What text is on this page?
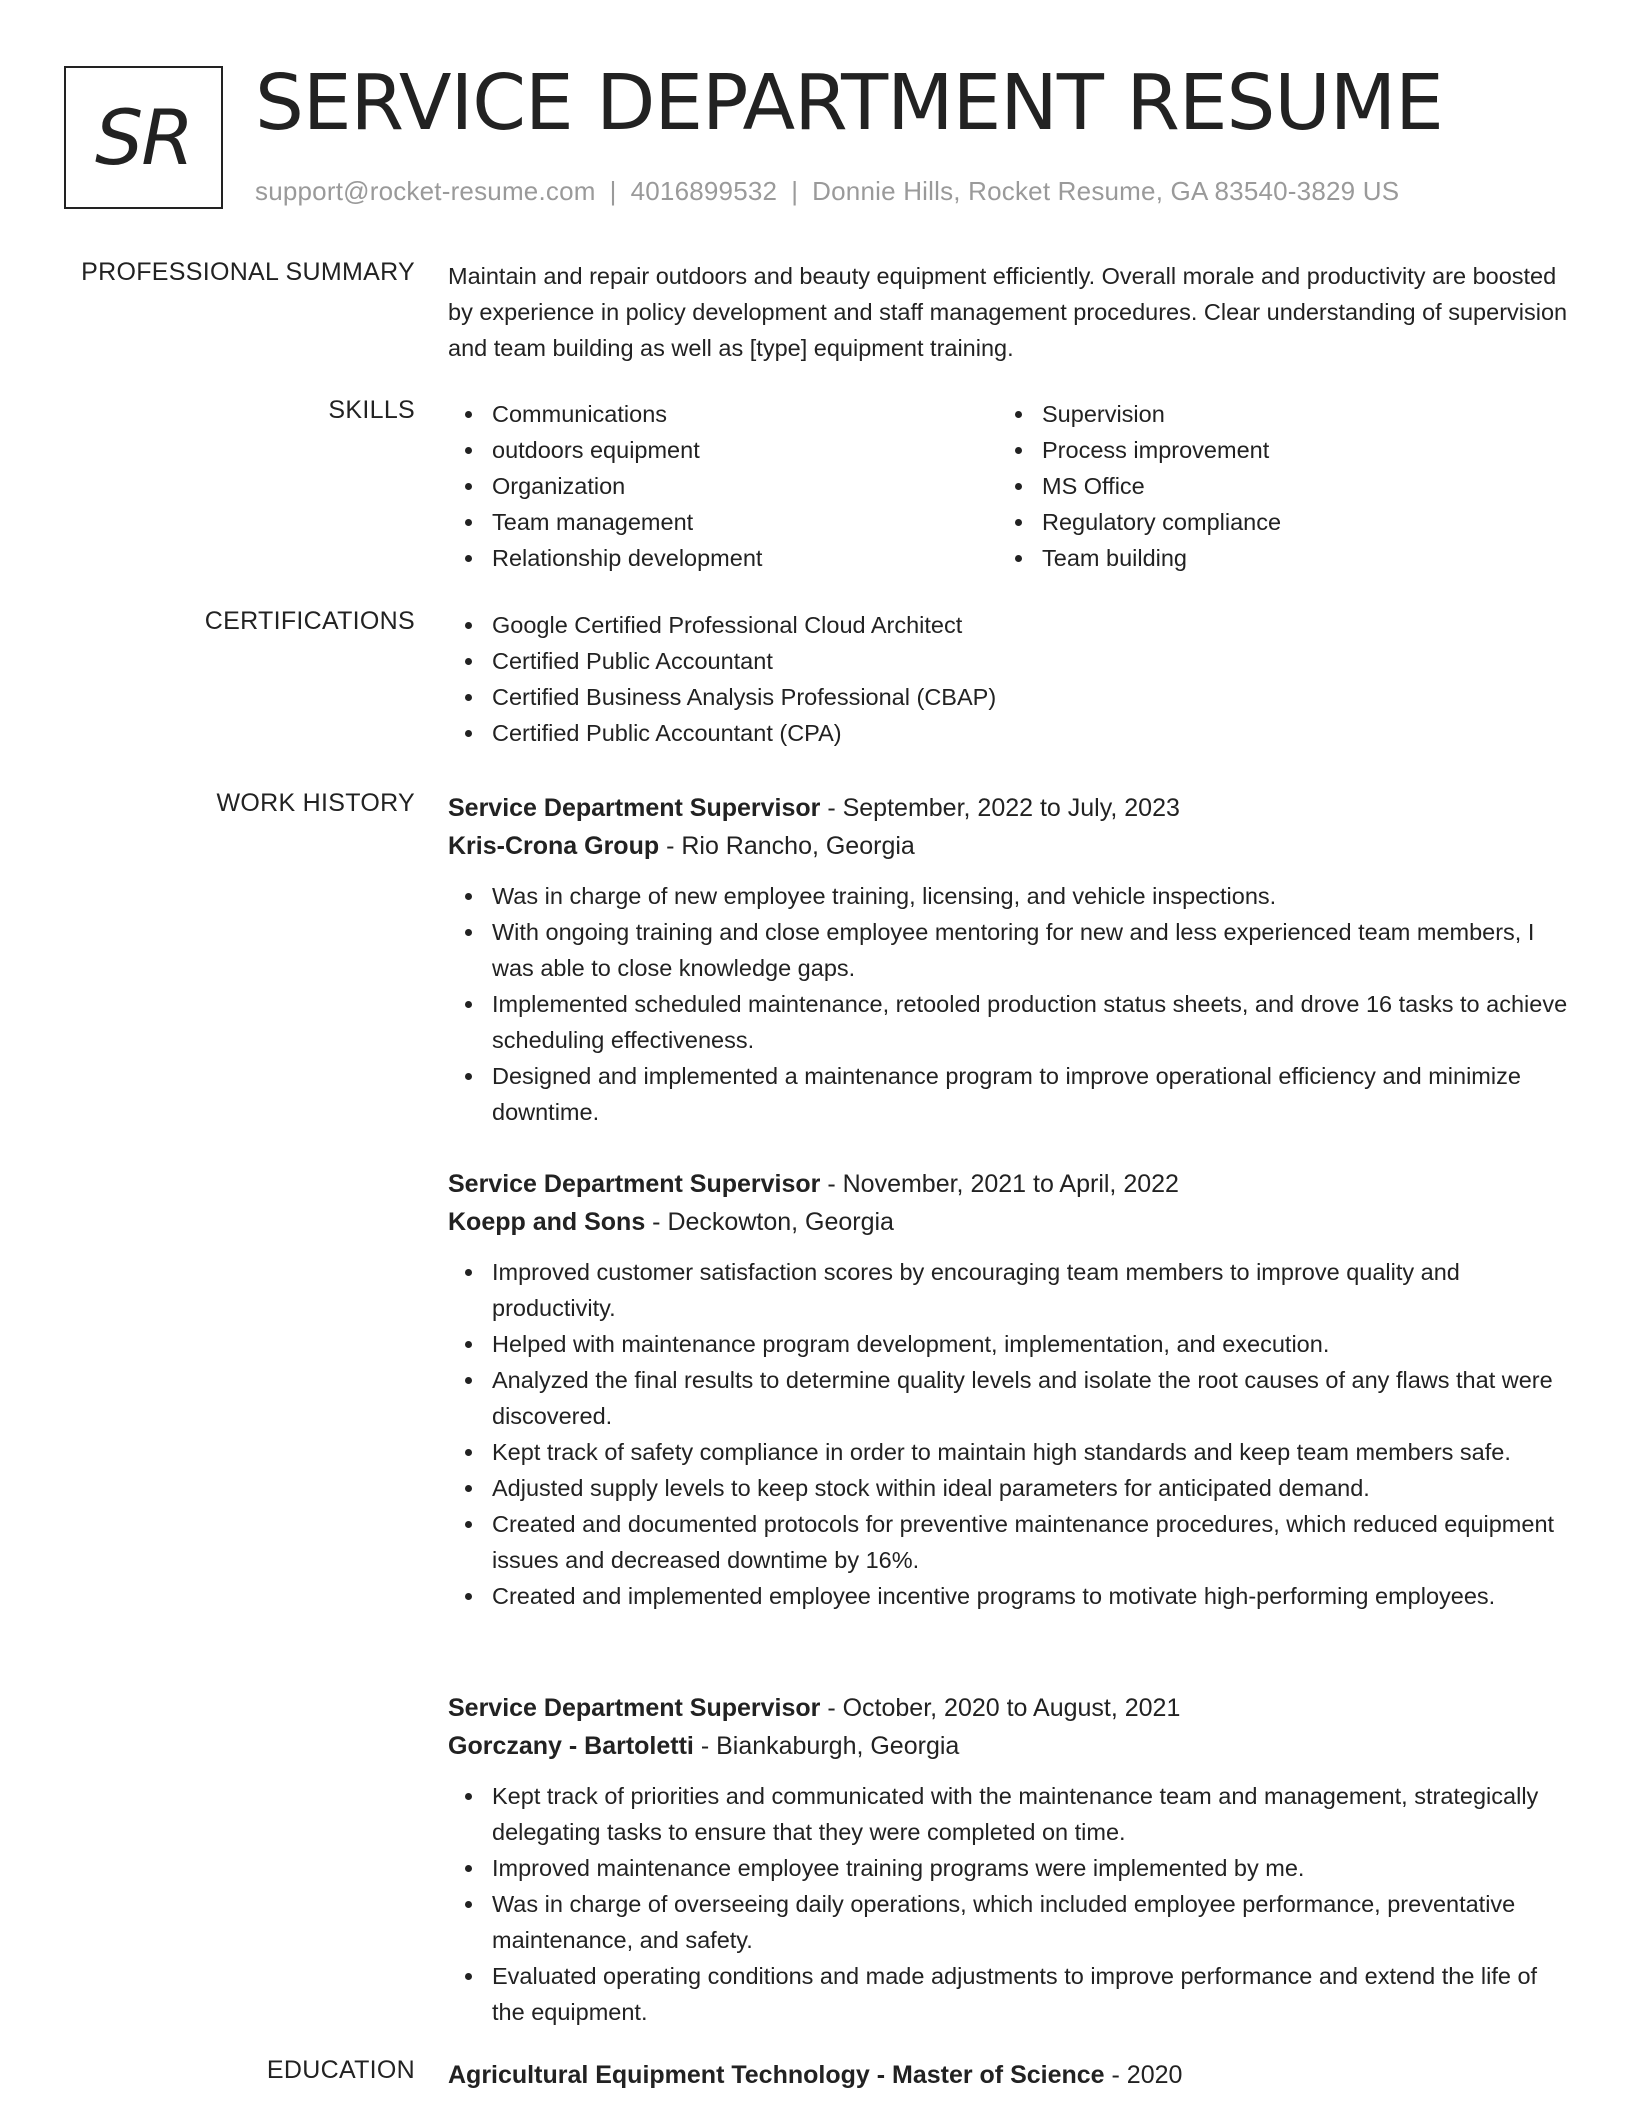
SR SERVICE DEPARTMENT RESUME
support@rocket-resume.com | 4016899532 | Donnie Hills, Rocket Resume, GA 83540-3829 US
PROFESSIONAL SUMMARY Maintain and repair outdoors and beauty equipment efficiently. Overall morale and productivity are boosted by experience in policy development and staff management procedures. Clear understanding of supervision and team building as well as [type] equipment training.
SKILLS	Communications
outdoors equipment
Organization
Team management
Relationship development
Supervision
Process improvement
MS Office
Regulatory compliance
Team building
CERTIFICATIONS	Google Certified Professional Cloud Architect
Certified Public Accountant
Certified Business Analysis Professional (CBAP)
Certified Public Accountant (CPA)
WORK HISTORY Service Department Supervisor - September, 2022 to July, 2023
Kris-Crona Group - Rio Rancho, Georgia
Was in charge of new employee training, licensing, and vehicle inspections.
With ongoing training and close employee mentoring for new and less experienced team members, I was able to close knowledge gaps.
Implemented scheduled maintenance, retooled production status sheets, and drove 16 tasks to achieve scheduling effectiveness.
Designed and implemented a maintenance program to improve operational efficiency and minimize downtime.
Service Department Supervisor - November, 2021 to April, 2022
Koepp and Sons - Deckowton, Georgia
Improved customer satisfaction scores by encouraging team members to improve quality and productivity.
Helped with maintenance program development, implementation, and execution.
Analyzed the final results to determine quality levels and isolate the root causes of any flaws that were discovered.
Kept track of safety compliance in order to maintain high standards and keep team members safe.
Adjusted supply levels to keep stock within ideal parameters for anticipated demand.
Created and documented protocols for preventive maintenance procedures, which reduced equipment issues and decreased downtime by 16%.
Created and implemented employee incentive programs to motivate high-performing employees.
Service Department Supervisor - October, 2020 to August, 2021
Gorczany - Bartoletti - Biankaburgh, Georgia
Kept track of priorities and communicated with the maintenance team and management, strategically delegating tasks to ensure that they were completed on time.
Improved maintenance employee training programs were implemented by me.
Was in charge of overseeing daily operations, which included employee performance, preventative maintenance, and safety.
Evaluated operating conditions and made adjustments to improve performance and extend the life of the equipment.
EDUCATION Agricultural Equipment Technology - Master of Science - 2020
